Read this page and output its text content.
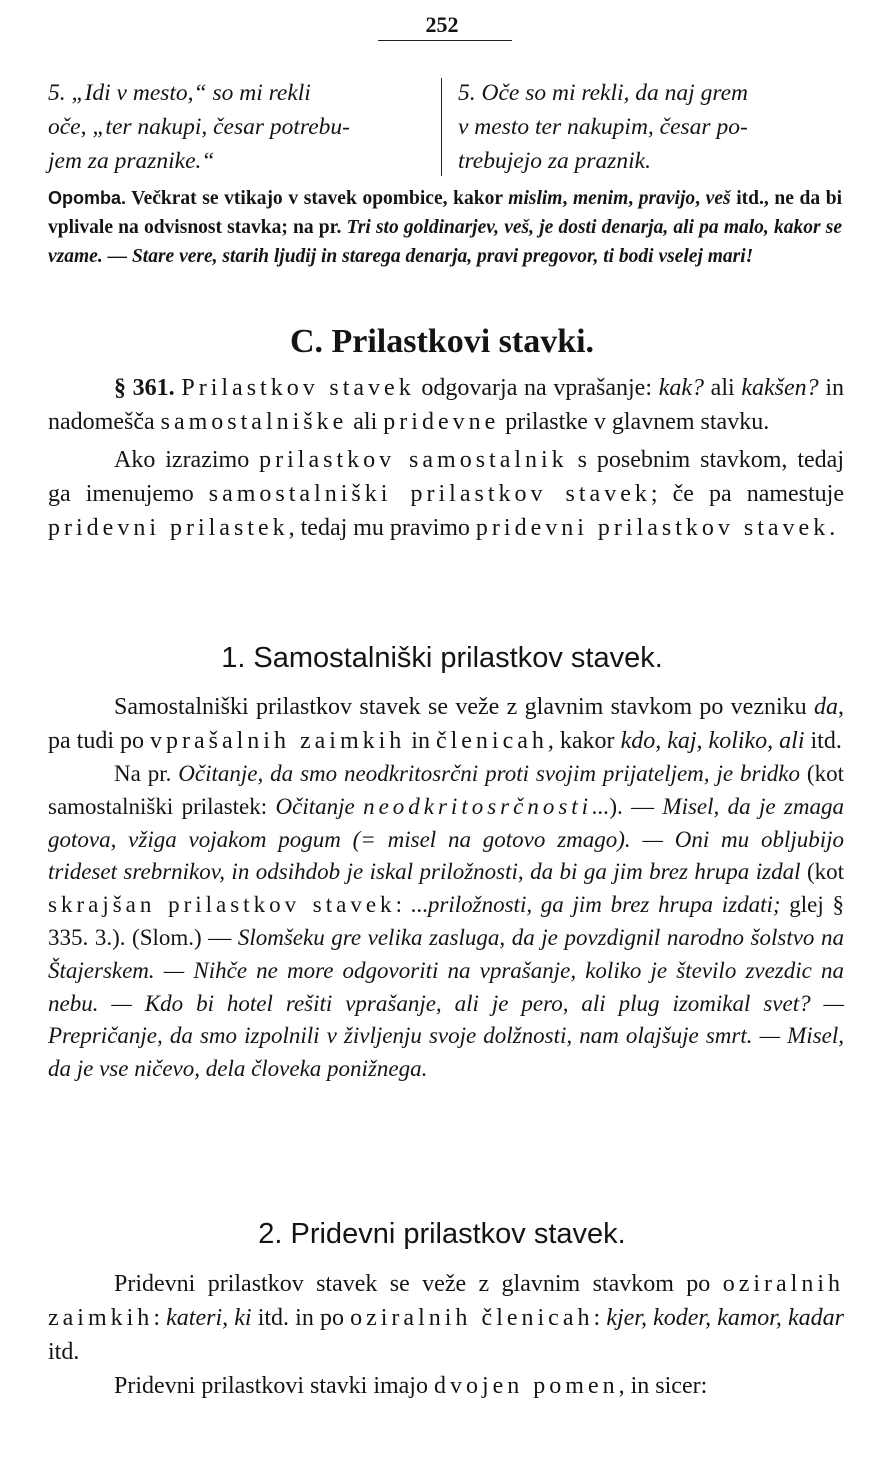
252
5. „Idi v mesto,“ so mi rekli
oče, „ter nakupi, česar potrebu-
jem za praznike.“
5. Oče so mi rekli, da naj grem
v mesto ter nakupim, česar po-
trebujejo za praznik.
Opomba. Večkrat se vtikajo v stavek opombice, kakor mislim, menim, pravijo, veš itd., ne da bi vplivale na odvisnost stavka; na pr. Tri sto goldinarjev, veš, je dosti denarja, ali pa malo, kakor se vzame. — Stare vere, starih ljudij in starega denarja, pravi pregovor, ti bodi vselej mari!
C. Prilastkovi stavki.

§ 361. Prilastkov stavek odgovarja na vprašanje: kak? ali kakšen? in nadomešča samostalniške ali pridevne prilastke v glavnem stavku.

Ako izrazimo prilastkov samostalnik s posebnim stavkom, tedaj ga imenujemo samostalniški prilastkov stavek; če pa namestuje pridevni prilastek, tedaj mu pravimo pridevni prilastkov stavek.

1. Samostalniški prilastkov stavek.

Samostalniški prilastkov stavek se veže z glavnim stavkom po vezniku da, pa tudi po vprašalnih zaimkih in členicah, kakor kdo, kaj, koliko, ali itd.

Na pr. Očitanje, da smo neodkritosrčni proti svojim prijateljem, je bridko (kot samostalniški prilastek: Očitanje neodkritosrčnosti...). — Misel, da je zmaga gotova, vžiga vojakom pogum (= misel na gotovo zmago). — Oni mu obljubijo trideset srebrnikov, in odsihdob je iskal priložnosti, da bi ga jim brez hrupa izdal (kot skrajšan prilastkov stavek: ...priložnosti, ga jim brez hrupa izdati; glej § 335. 3.). (Slom.) — Slomšeku gre velika zasluga, da je povzdignil narodno šolstvo na Štajerskem. — Nihče ne more odgovoriti na vprašanje, koliko je število zvezdic na nebu. — Kdo bi hotel rešiti vprašanje, ali je pero, ali plug izomikal svet? — Prepričanje, da smo izpolnili v življenju svoje dolžnosti, nam olajšuje smrt. — Misel, da je vse ničevo, dela človeka ponižnega.

2. Pridevni prilastkov stavek.

Pridevni prilastkov stavek se veže z glavnim stavkom po oziralnih zaimkih: kateri, ki itd. in po oziralnih členicah: kjer, koder, kamor, kadar itd.

Pridevni prilastkovi stavki imajo dvojen pomen, in sicer:
